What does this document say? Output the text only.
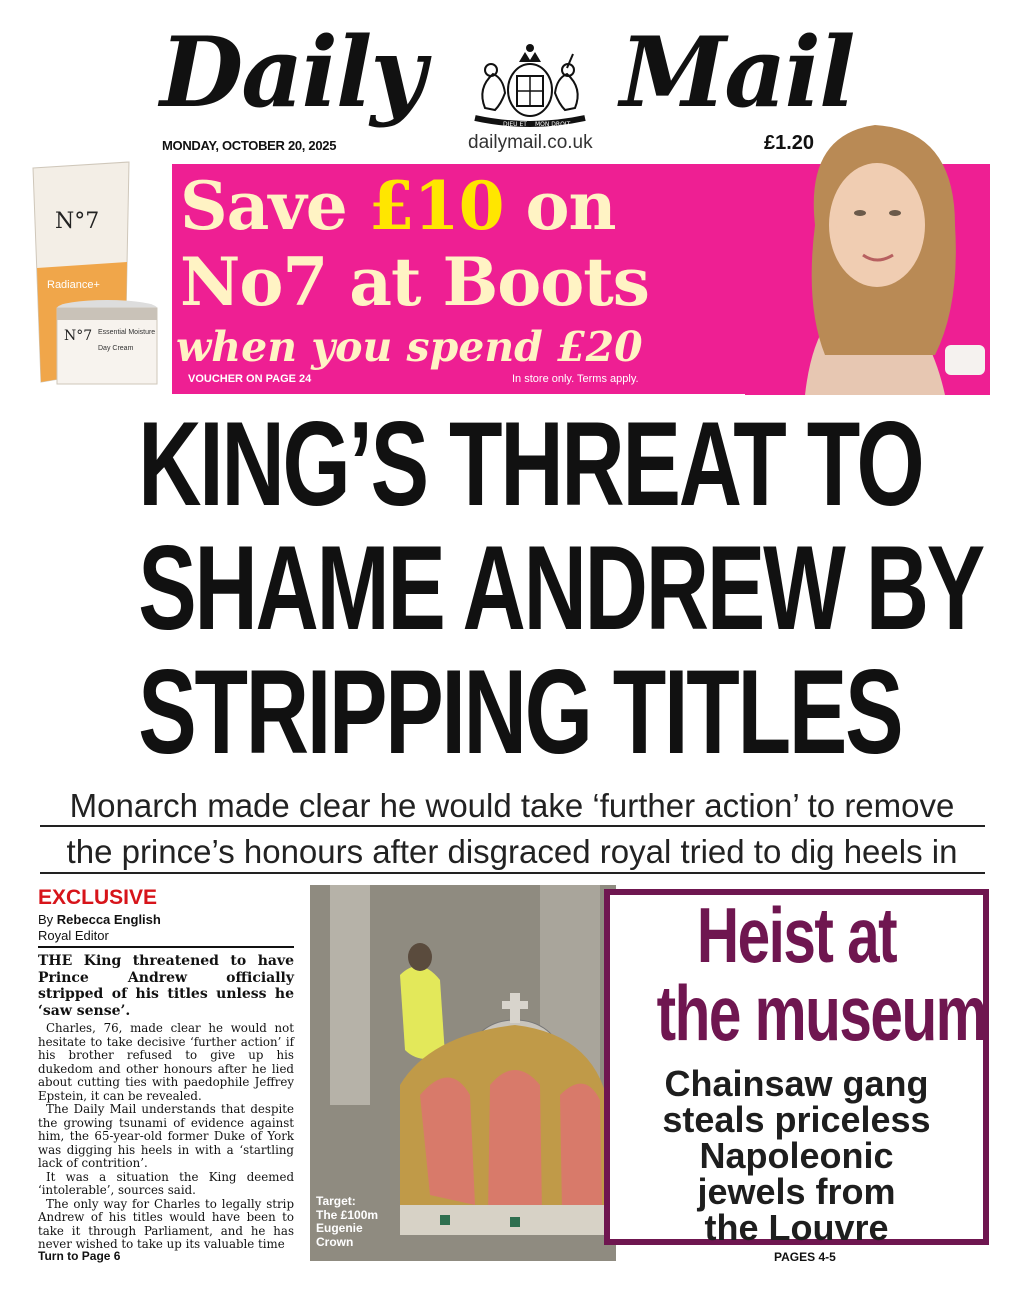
Daily	DIEU ET MON DROIT Mail
MONDAY, OCTOBER 20, 2025	dailymail.co.uk	£1.20
Save £10 on
No7 at Boots
when you spend £20
VOUCHER ON PAGE 24	In store only. Terms apply.
N°7
Radiance+
N°7 Essential Moisture
Day Cream
KING’S THREAT TO
SHAME ANDREW BY
STRIPPING TITLES
Monarch made clear he would take ‘further action’ to remove
the prince’s honours after disgraced royal tried to dig heels in
EXCLUSIVE
By Rebecca English
Royal Editor
THE King threatened to have Prince Andrew officially stripped of his titles unless he ‘saw sense’.

Charles, 76, made clear he would not hesitate to take decisive ‘further action’ if his brother refused to give up his dukedom and other honours after he lied about cutting ties with paedophile Jeffrey Epstein, it can be revealed.

The Daily Mail understands that despite the growing tsunami of evidence against him, the 65-year-old former Duke of York was digging his heels in with a ‘startling lack of contrition’.

It was a situation the King deemed ‘intolerable’, sources said.

The only way for Charles to legally strip Andrew of his titles would have been to take it through Parliament, and he has never wished to take up its valuable time

Turn to Page 6
Target:
The £100m
Eugenie
Crown
Heist at
the museum
Chainsaw gang
steals priceless
Napoleonic
jewels from
the Louvre
PAGES 4-5
